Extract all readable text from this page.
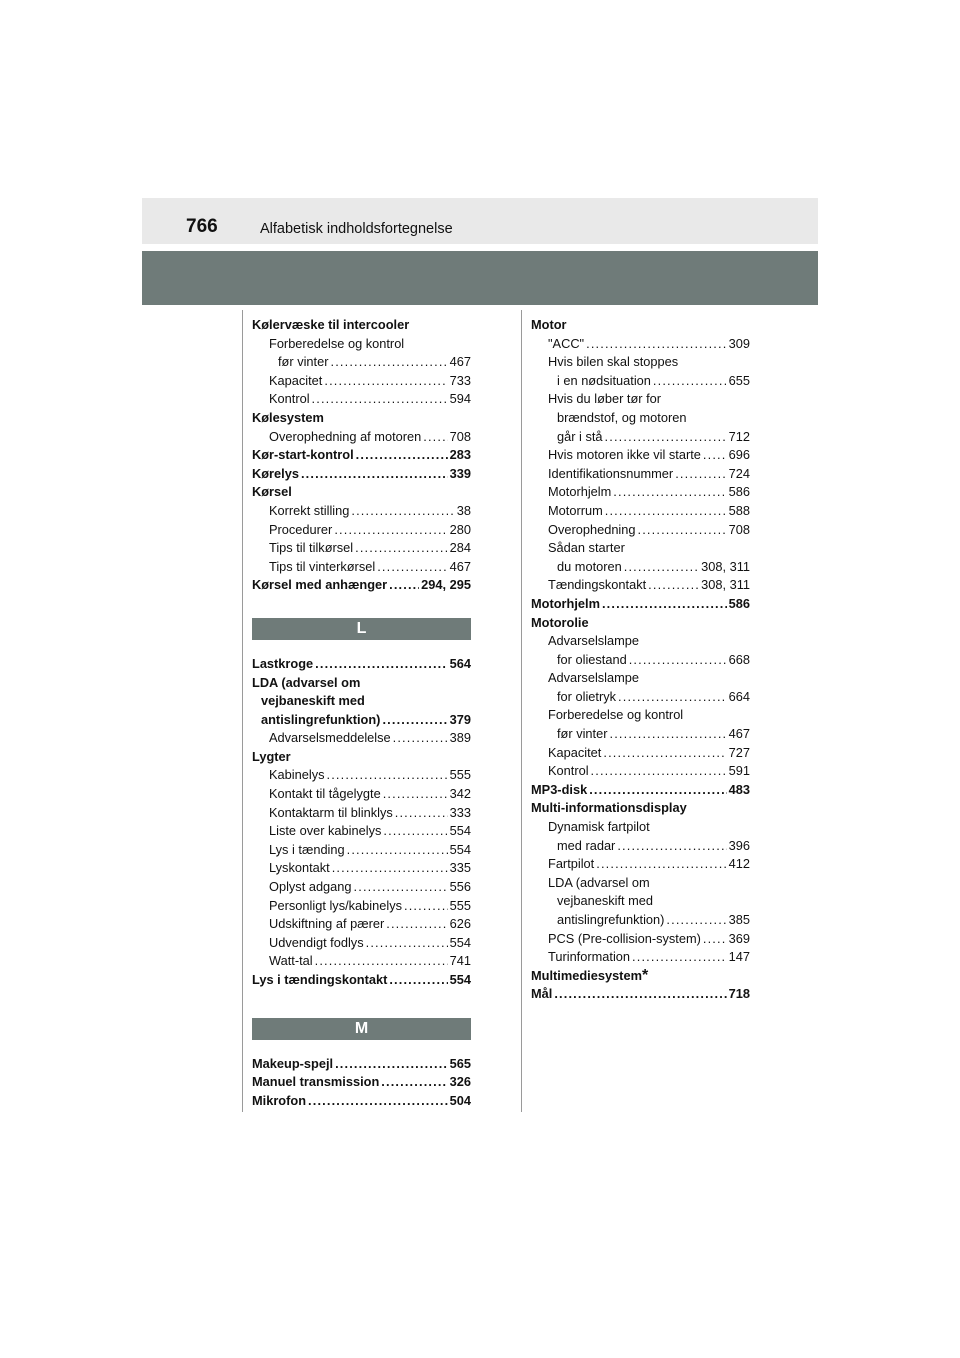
766	Alfabetisk indholdsfortegnelse
Kølervæske til intercooler
Forberedelse og kontrol
før vinter . . .	467
Kapacitet . . .	733
Kontrol . . .	594
Kølesystem
Overophedning af motoren . . . 708
Kør-start-kontrol . . .	283
Kørelys . . .	339
Kørsel
Korrekt stilling . . .	38
Procedurer . . .	280
Tips til tilkørsel . . .	284
Tips til vinterkørsel . . .	467
Kørsel med anhænger . . .	294, 295
L
Lastkroge . . .	564
LDA (advarsel om
vejbaneskift med
antislingrefunktion) . . .	379
Advarselsmeddelelse . . .	389
Lygter
Kabinelys . . .	555
Kontakt til tågelygte . . .	342
Kontaktarm til blinklys . . .	333
Liste over kabinelys . . .	554
Lys i tænding . . .	554
Lyskontakt . . .	335
Oplyst adgang . . .	556
Personligt lys/kabinelys . . .	555
Udskiftning af pærer . . .	626
Udvendigt fodlys . . .	554
Watt-tal . . .	741
Lys i tændingskontakt . . .	554
M
Makeup-spejl . . .	565
Manuel transmission . . .	326
Mikrofon . . .	504
Motor
"ACC" . . .	309
Hvis bilen skal stoppes
i en nødsituation . . .	655
Hvis du løber tør for
brændstof, og motoren
går i stå . . .	712
Hvis motoren ikke vil starte . . . 696
Identifikationsnummer . . .	724
Motorhjelm . . .	586
Motorrum . . .	588
Overophedning . . .	708
Sådan starter
du motoren . . .	308, 311
Tændingskontakt . . .	308, 311
Motorhjelm . . .	586
Motorolie
Advarselslampe
for oliestand . . .	668
Advarselslampe
for olietryk . . .	664
Forberedelse og kontrol
før vinter . . .	467
Kapacitet . . .	727
Kontrol . . .	591
MP3-disk . . .	483
Multi-informationsdisplay
Dynamisk fartpilot
med radar . . .	396
Fartpilot . . .	412
LDA (advarsel om
vejbaneskift med
antislingrefunktion) . . .	385
PCS (Pre-collision-system) . . . 369
Turinformation . . .	147
Multimediesystem *
Mål . . .	718
